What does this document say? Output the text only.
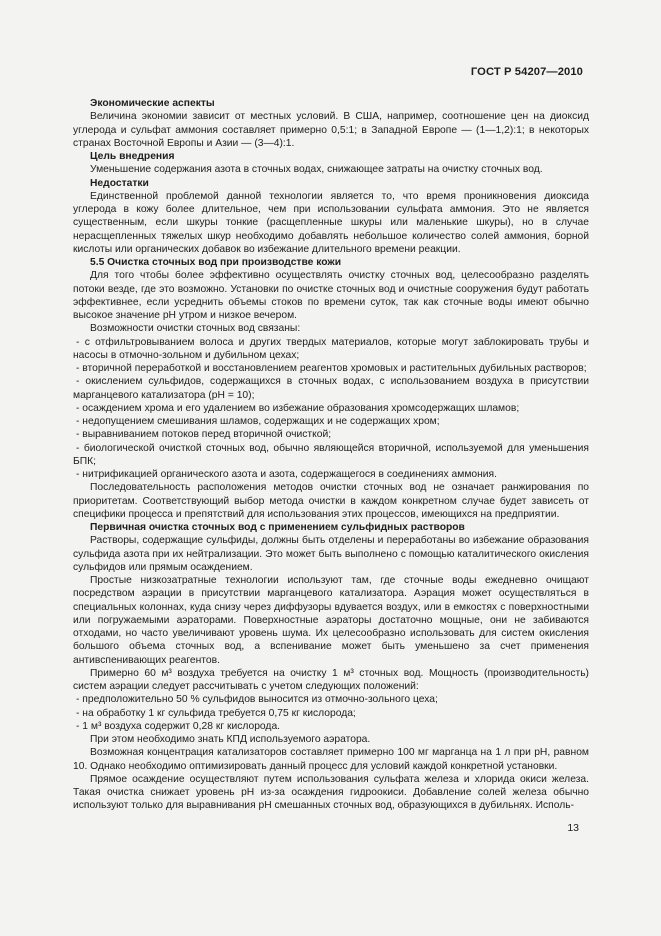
ГОСТ Р 54207—2010

Экономические аспекты

Величина экономии зависит от местных условий. В США, например, соотношение цен на диоксид углерода и сульфат аммония составляет примерно 0,5:1; в Западной Европе — (1—1,2):1; в некоторых странах Восточной Европы и Азии — (3—4):1.

Цель внедрения

Уменьшение содержания азота в сточных водах, снижающее затраты на очистку сточных вод.

Недостатки

Единственной проблемой данной технологии является то, что время проникновения диоксида углерода в кожу более длительное, чем при использовании сульфата аммония. Это не является существенным, если шкуры тонкие (расщепленные шкуры или маленькие шкуры), но в случае нерасщепленных тяжелых шкур необходимо добавлять небольшое количество солей аммония, борной кислоты или органических добавок во избежание длительного времени реакции.

5.5 Очистка сточных вод при производстве кожи

Для того чтобы более эффективно осуществлять очистку сточных вод, целесообразно разделять потоки везде, где это возможно. Установки по очистке сточных вод и очистные сооружения будут работать эффективнее, если усреднить объемы стоков по времени суток, так как сточные воды имеют обычно высокое значение pH утром и низкое вечером.

Возможности очистки сточных вод связаны:

- с отфильтровыванием волоса и других твердых материалов, которые могут заблокировать трубы и насосы в отмочно-зольном и дубильном цехах;

- вторичной переработкой и восстановлением реагентов хромовых и растительных дубильных растворов;

- окислением сульфидов, содержащихся в сточных водах, с использованием воздуха в присутствии марганцевого катализатора (pH = 10);

- осаждением хрома и его удалением во избежание образования хромсодержащих шламов;

- недопущением смешивания шламов, содержащих и не содержащих хром;

- выравниванием потоков перед вторичной очисткой;

- биологической очисткой сточных вод, обычно являющейся вторичной, используемой для уменьшения БПК;

- нитрификацией органического азота и азота, содержащегося в соединениях аммония.

Последовательность расположения методов очистки сточных вод не означает ранжирования по приоритетам. Соответствующий выбор метода очистки в каждом конкретном случае будет зависеть от специфики процесса и препятствий для использования этих процессов, имеющихся на предприятии.

Первичная очистка сточных вод с применением сульфидных растворов

Растворы, содержащие сульфиды, должны быть отделены и переработаны во избежание образования сульфида азота при их нейтрализации. Это может быть выполнено с помощью каталитического окисления сульфидов или прямым осаждением.

Простые низкозатратные технологии используют там, где сточные воды ежедневно очищают посредством аэрации в присутствии марганцевого катализатора. Аэрация может осуществляться в специальных колоннах, куда снизу через диффузоры вдувается воздух, или в емкостях с поверхностными или погружаемыми аэраторами. Поверхностные аэраторы достаточно мощные, они не забиваются отходами, но часто увеличивают уровень шума. Их целесообразно использовать для систем окисления большого объема сточных вод, а вспенивание может быть уменьшено за счет применения антивспенивающих реагентов.

Примерно 60 м³ воздуха требуется на очистку 1 м³ сточных вод. Мощность (производительность) систем аэрации следует рассчитывать с учетом следующих положений:

- предположительно 50 % сульфидов выносится из отмочно-зольного цеха;

- на обработку 1 кг сульфида требуется 0,75 кг кислорода;

- 1 м³ воздуха содержит 0,28 кг кислорода.

При этом необходимо знать КПД используемого аэратора.

Возможная концентрация катализаторов составляет примерно 100 мг марганца на 1 л при pH, равном 10. Однако необходимо оптимизировать данный процесс для условий каждой конкретной установки.

Прямое осаждение осуществляют путем использования сульфата железа и хлорида окиси железа. Такая очистка снижает уровень pH из-за осаждения гидроокиси. Добавление солей железа обычно используют только для выравнивания pH смешанных сточных вод, образующихся в дубильнях. Исполь-

13
